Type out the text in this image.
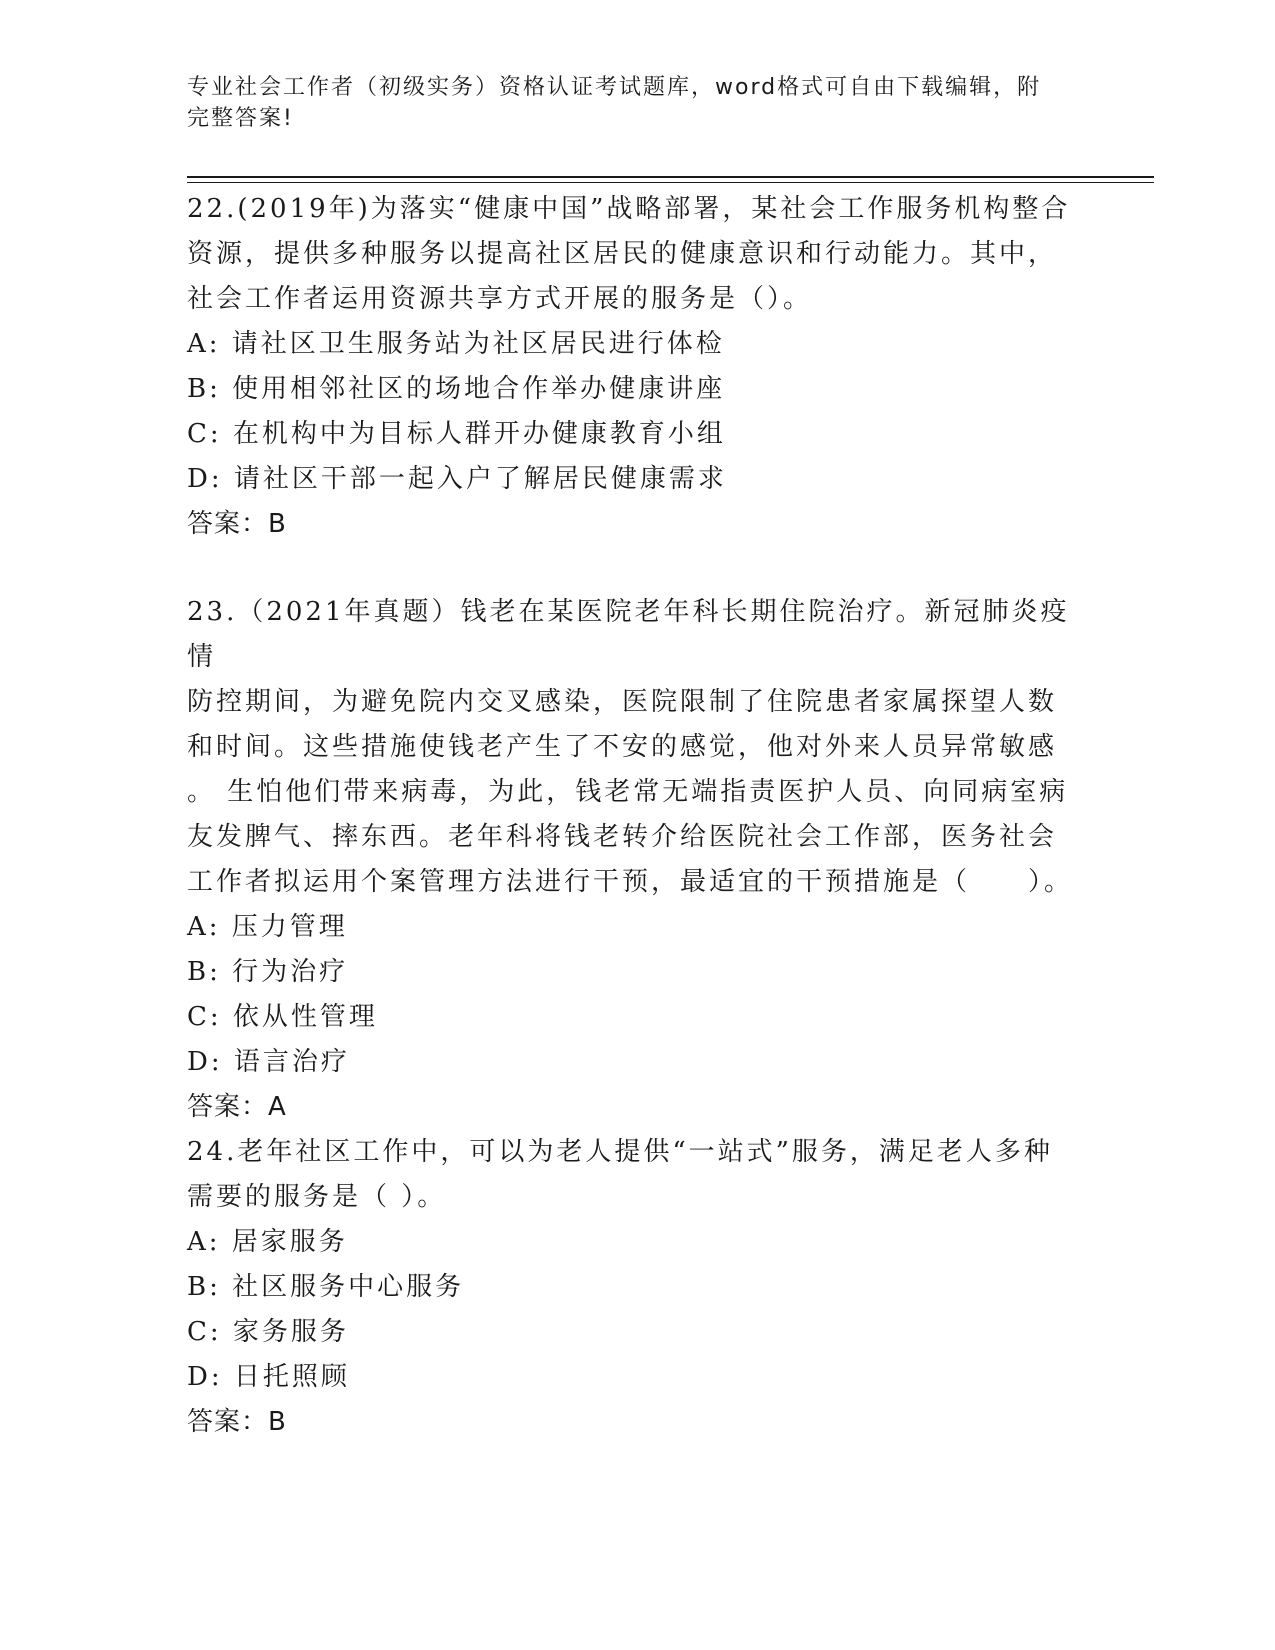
专业社会工作者（初级实务）资格认证考试题库，word格式可自由下载编辑，附
完整答案!

22.(2019年)为落实“健康中国”战略部署，某社会工作服务机构整合

资源，提供多种服务以提高社区居民的健康意识和行动能力。其中，

社会工作者运用资源共享方式开展的服务是（）。

A: 请社区卫生服务站为社区居民进行体检

B: 使用相邻社区的场地合作举办健康讲座

C: 在机构中为目标人群开办健康教育小组

D: 请社区干部一起入户了解居民健康需求

答案：B

23.（2021年真题）钱老在某医院老年科长期住院治疗。新冠肺炎疫情

防控期间，为避免院内交叉感染，医院限制了住院患者家属探望人数

和时间。这些措施使钱老产生了不安的感觉，他对外来人员异常敏感

。 生怕他们带来病毒，为此，钱老常无端指责医护人员、向同病室病

友发脾气、摔东西。老年科将钱老转介给医院社会工作部，医务社会

工作者拟运用个案管理方法进行干预，最适宜的干预措施是（　　）。

A: 压力管理

B: 行为治疗

C: 依从性管理

D: 语言治疗

答案：A

24.老年社区工作中，可以为老人提供“一站式”服务，满足老人多种

需要的服务是（ ）。

A: 居家服务

B: 社区服务中心服务

C: 家务服务

D: 日托照顾

答案：B
